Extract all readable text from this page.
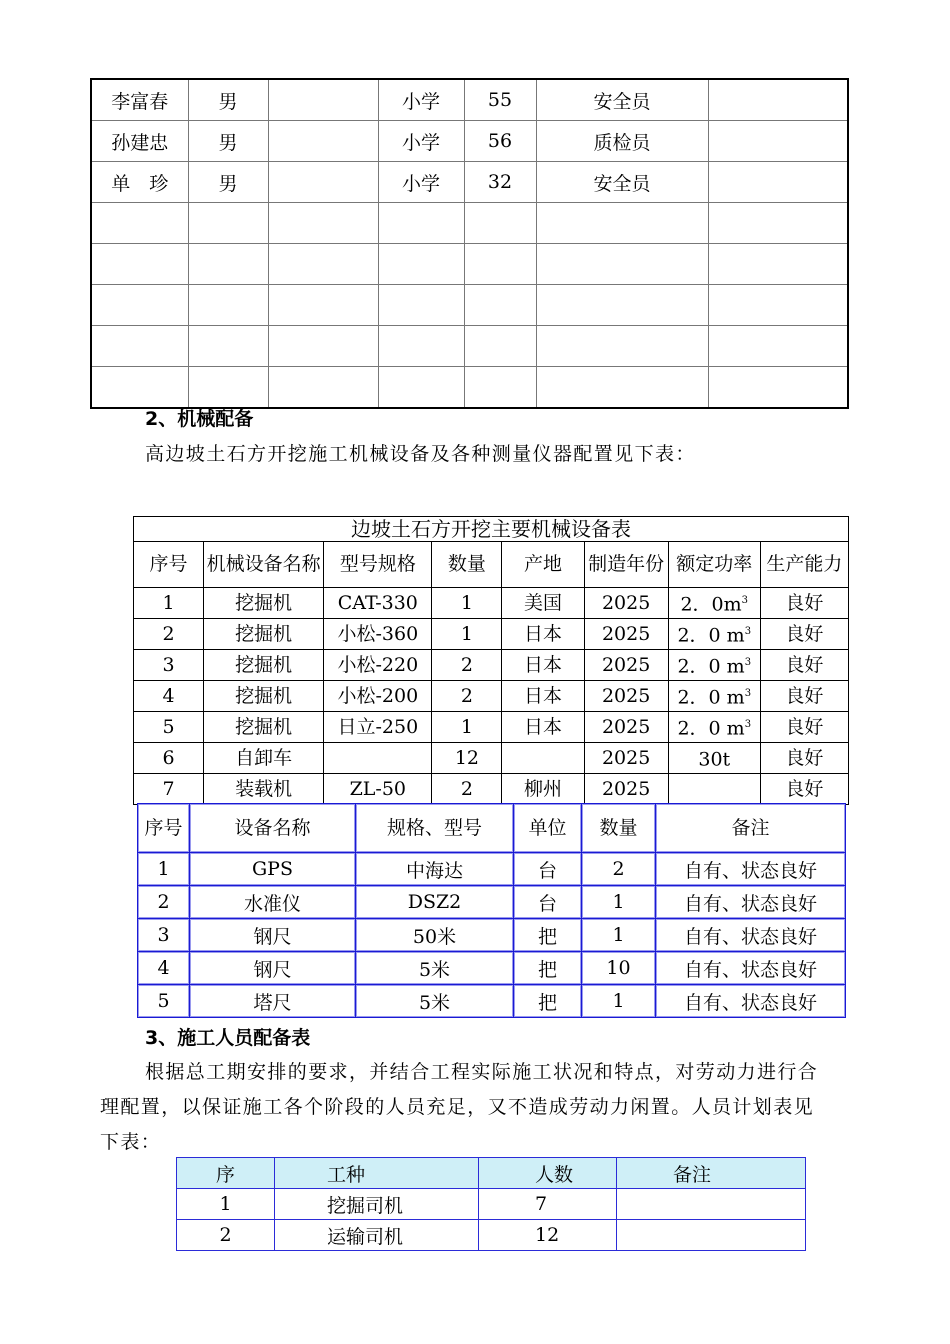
李富春	男		小学	55	安全员	
孙建忠	男		小学	56	质检员	
单　珍	男		小学	32	安全员	

2、机械配备
高边坡土石方开挖施工机械设备及各种测量仪器配置见下表：
边坡土石方开挖主要机械设备表							
序号	机械设备名称	型号规格	数量	产地	制造年份	额定功率	生产能力
1	挖掘机	CAT-330	1	美国	2025	2．$0m^3$	良好
2	挖掘机	小松-360	1	日本	2025	2．0 $m^3$	良好
3	挖掘机	小松-220	2	日本	2025	2．0 $m^3$	良好
4	挖掘机	小松-200	2	日本	2025	2．0 $m^3$	良好
5	挖掘机	日立-250	1	日本	2025	2．0 $m^3$	良好
6	自卸车		12		2025	30t	良好
7	装载机	ZL-50	2	柳州	2025		良好
序号	设备名称	规格、型号	单位	数量	备注
1	GPS	中海达	台	2	自有、状态良好
2	水准仪	DSZ2	台	1	自有、状态良好
3	钢尺	50米	把	1	自有、状态良好
4	钢尺	5米	把	10	自有、状态良好
5	塔尺	5米	把	1	自有、状态良好
3、施工人员配备表
根据总工期安排的要求，并结合工程实际施工状况和特点，对劳动力进行合
理配置，以保证施工各个阶段的人员充足，又不造成劳动力闲置。人员计划表见
下表：
序	工种	人数	备注
1	挖掘司机	7	
2	运输司机	12	
